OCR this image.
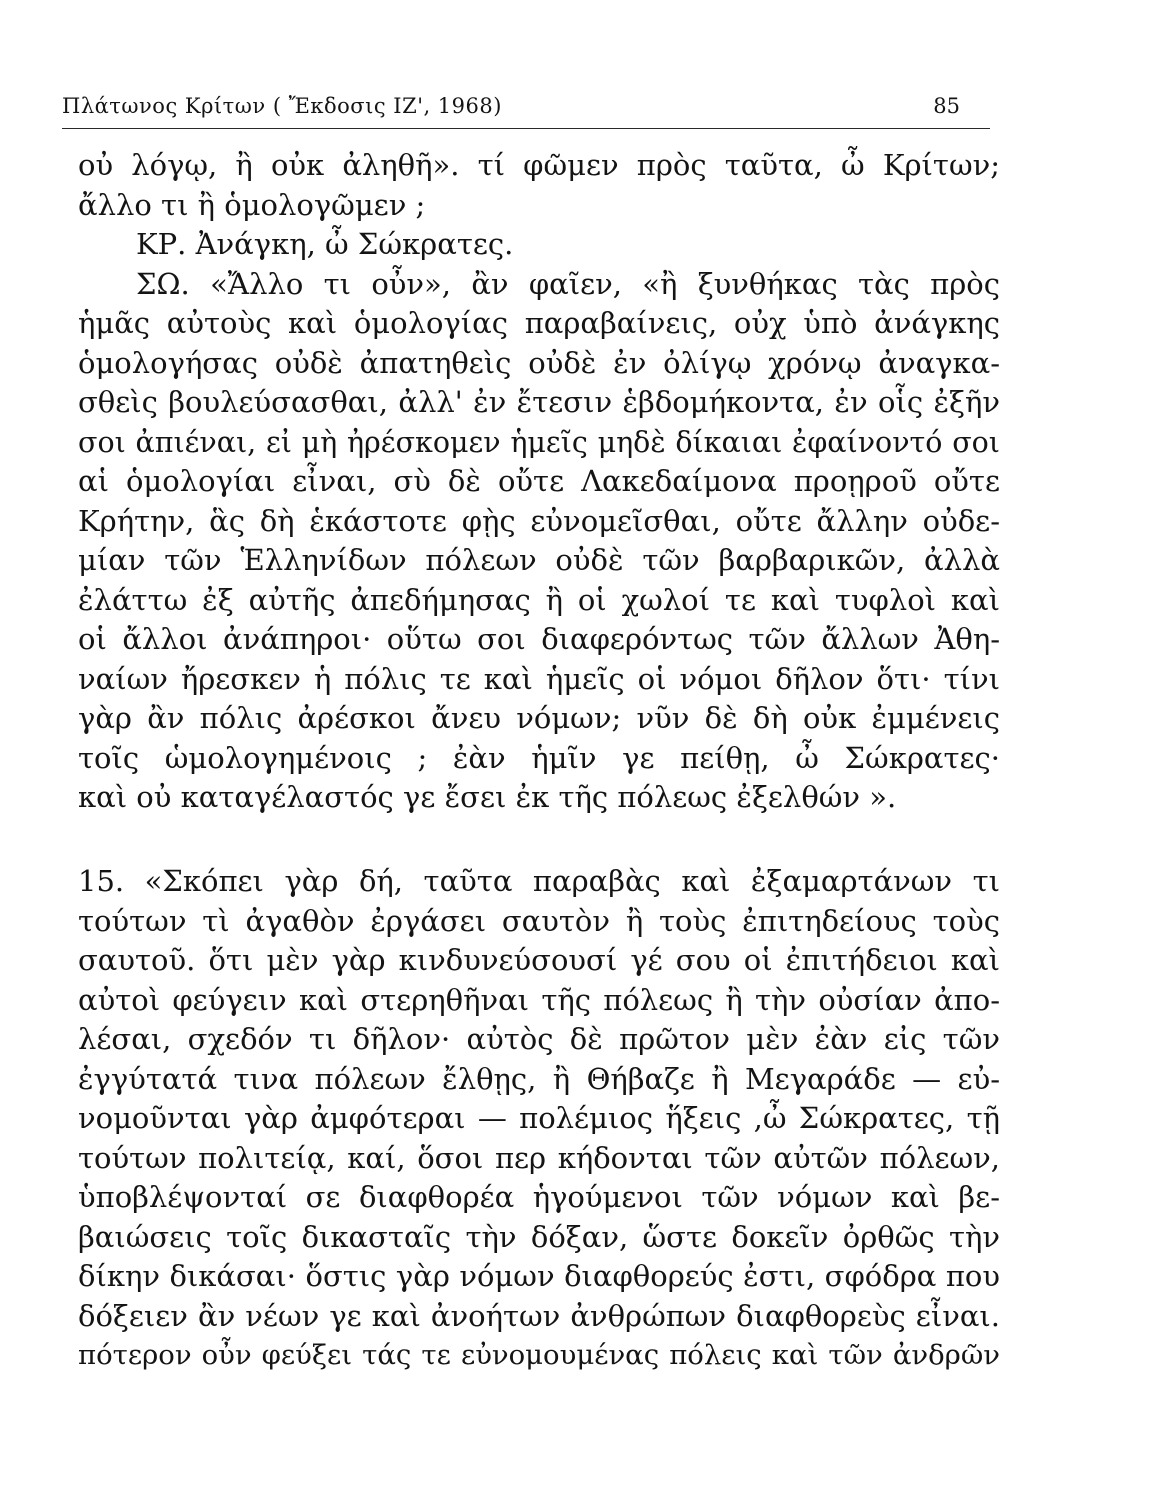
Πλάτωνος Κρίτων ( Ἔκδοσις ΙΖ', 1968)	85
οὐ λόγῳ, ἢ οὐκ ἀληθῆ». τί φῶμεν πρὸς ταῦτα, ὦ Κρίτων;
ἄλλο τι ἢ ὁμολογῶμεν ;
ΚΡ. Ἀνάγκη, ὦ Σώκρατες.
ΣΩ. «Ἄλλο τι οὖν», ἂν φαῖεν, «ἢ ξυνθήκας τὰς πρὸς
ἡμᾶς αὐτοὺς καὶ ὁμολογίας παραβαίνεις, οὐχ ὑπὸ ἀνάγκης
ὁμολογήσας οὐδὲ ἀπατηθεὶς οὐδὲ ἐν ὀλίγῳ χρόνῳ ἀναγκα-
σθεὶς βουλεύσασθαι, ἀλλ' ἐν ἔτεσιν ἑβδομήκοντα, ἐν οἷς ἐξῆν
σοι ἀπιέναι, εἰ μὴ ἠρέσκομεν ἡμεῖς μηδὲ δίκαιαι ἐφαίνοντό σοι
αἱ ὁμολογίαι εἶναι, σὺ δὲ οὔτε Λακεδαίμονα προῃροῦ οὔτε
Κρήτην, ἃς δὴ ἑκάστοτε φῂς εὐνομεῖσθαι, οὔτε ἄλλην οὐδε-
μίαν τῶν Ἑλληνίδων πόλεων οὐδὲ τῶν βαρβαρικῶν, ἀλλὰ
ἐλάττω ἐξ αὐτῆς ἀπεδήμησας ἢ οἱ χωλοί τε καὶ τυφλοὶ καὶ
οἱ ἄλλοι ἀνάπηροι· οὕτω σοι διαφερόντως τῶν ἄλλων Ἀθη-
ναίων ἤρεσκεν ἡ πόλις τε καὶ ἡμεῖς οἱ νόμοι δῆλον ὅτι· τίνι
γὰρ ἂν πόλις ἀρέσκοι ἄνευ νόμων; νῦν δὲ δὴ οὐκ ἐμμένεις
τοῖς ὡμολογημένοις ; ἐὰν ἡμῖν γε πείθῃ, ὦ Σώκρατες·
καὶ οὐ καταγέλαστός γε ἔσει ἐκ τῆς πόλεως ἐξελθών ».
15. «Σκόπει γὰρ δή, ταῦτα παραβὰς καὶ ἐξαμαρτάνων τι
τούτων τὶ ἀγαθὸν ἐργάσει σαυτὸν ἢ τοὺς ἐπιτηδείους τοὺς
σαυτοῦ. ὅτι μὲν γὰρ κινδυνεύσουσί γέ σου οἱ ἐπιτήδειοι καὶ
αὐτοὶ φεύγειν καὶ στερηθῆναι τῆς πόλεως ἢ τὴν οὐσίαν ἀπο-
λέσαι, σχεδόν τι δῆλον· αὐτὸς δὲ πρῶτον μὲν ἐὰν εἰς τῶν
ἐγγύτατά τινα πόλεων ἔλθῃς, ἢ Θήβαζε ἢ Μεγαράδε — εὐ-
νομοῦνται γὰρ ἀμφότεραι — πολέμιος ἥξεις ,ὦ Σώκρατες, τῇ
τούτων πολιτείᾳ, καί, ὅσοι περ κήδονται τῶν αὐτῶν πόλεων,
ὑποβλέψονταί σε διαφθορέα ἡγούμενοι τῶν νόμων καὶ βε-
βαιώσεις τοῖς δικασταῖς τὴν δόξαν, ὥστε δοκεῖν ὀρθῶς τὴν
δίκην δικάσαι· ὅστις γὰρ νόμων διαφθορεύς ἐστι, σφόδρα που
δόξειεν ἂν νέων γε καὶ ἀνοήτων ἀνθρώπων διαφθορεὺς εἶναι.
πότερον οὖν φεύξει τάς τε εὐνομουμένας πόλεις καὶ τῶν ἀνδρῶν
